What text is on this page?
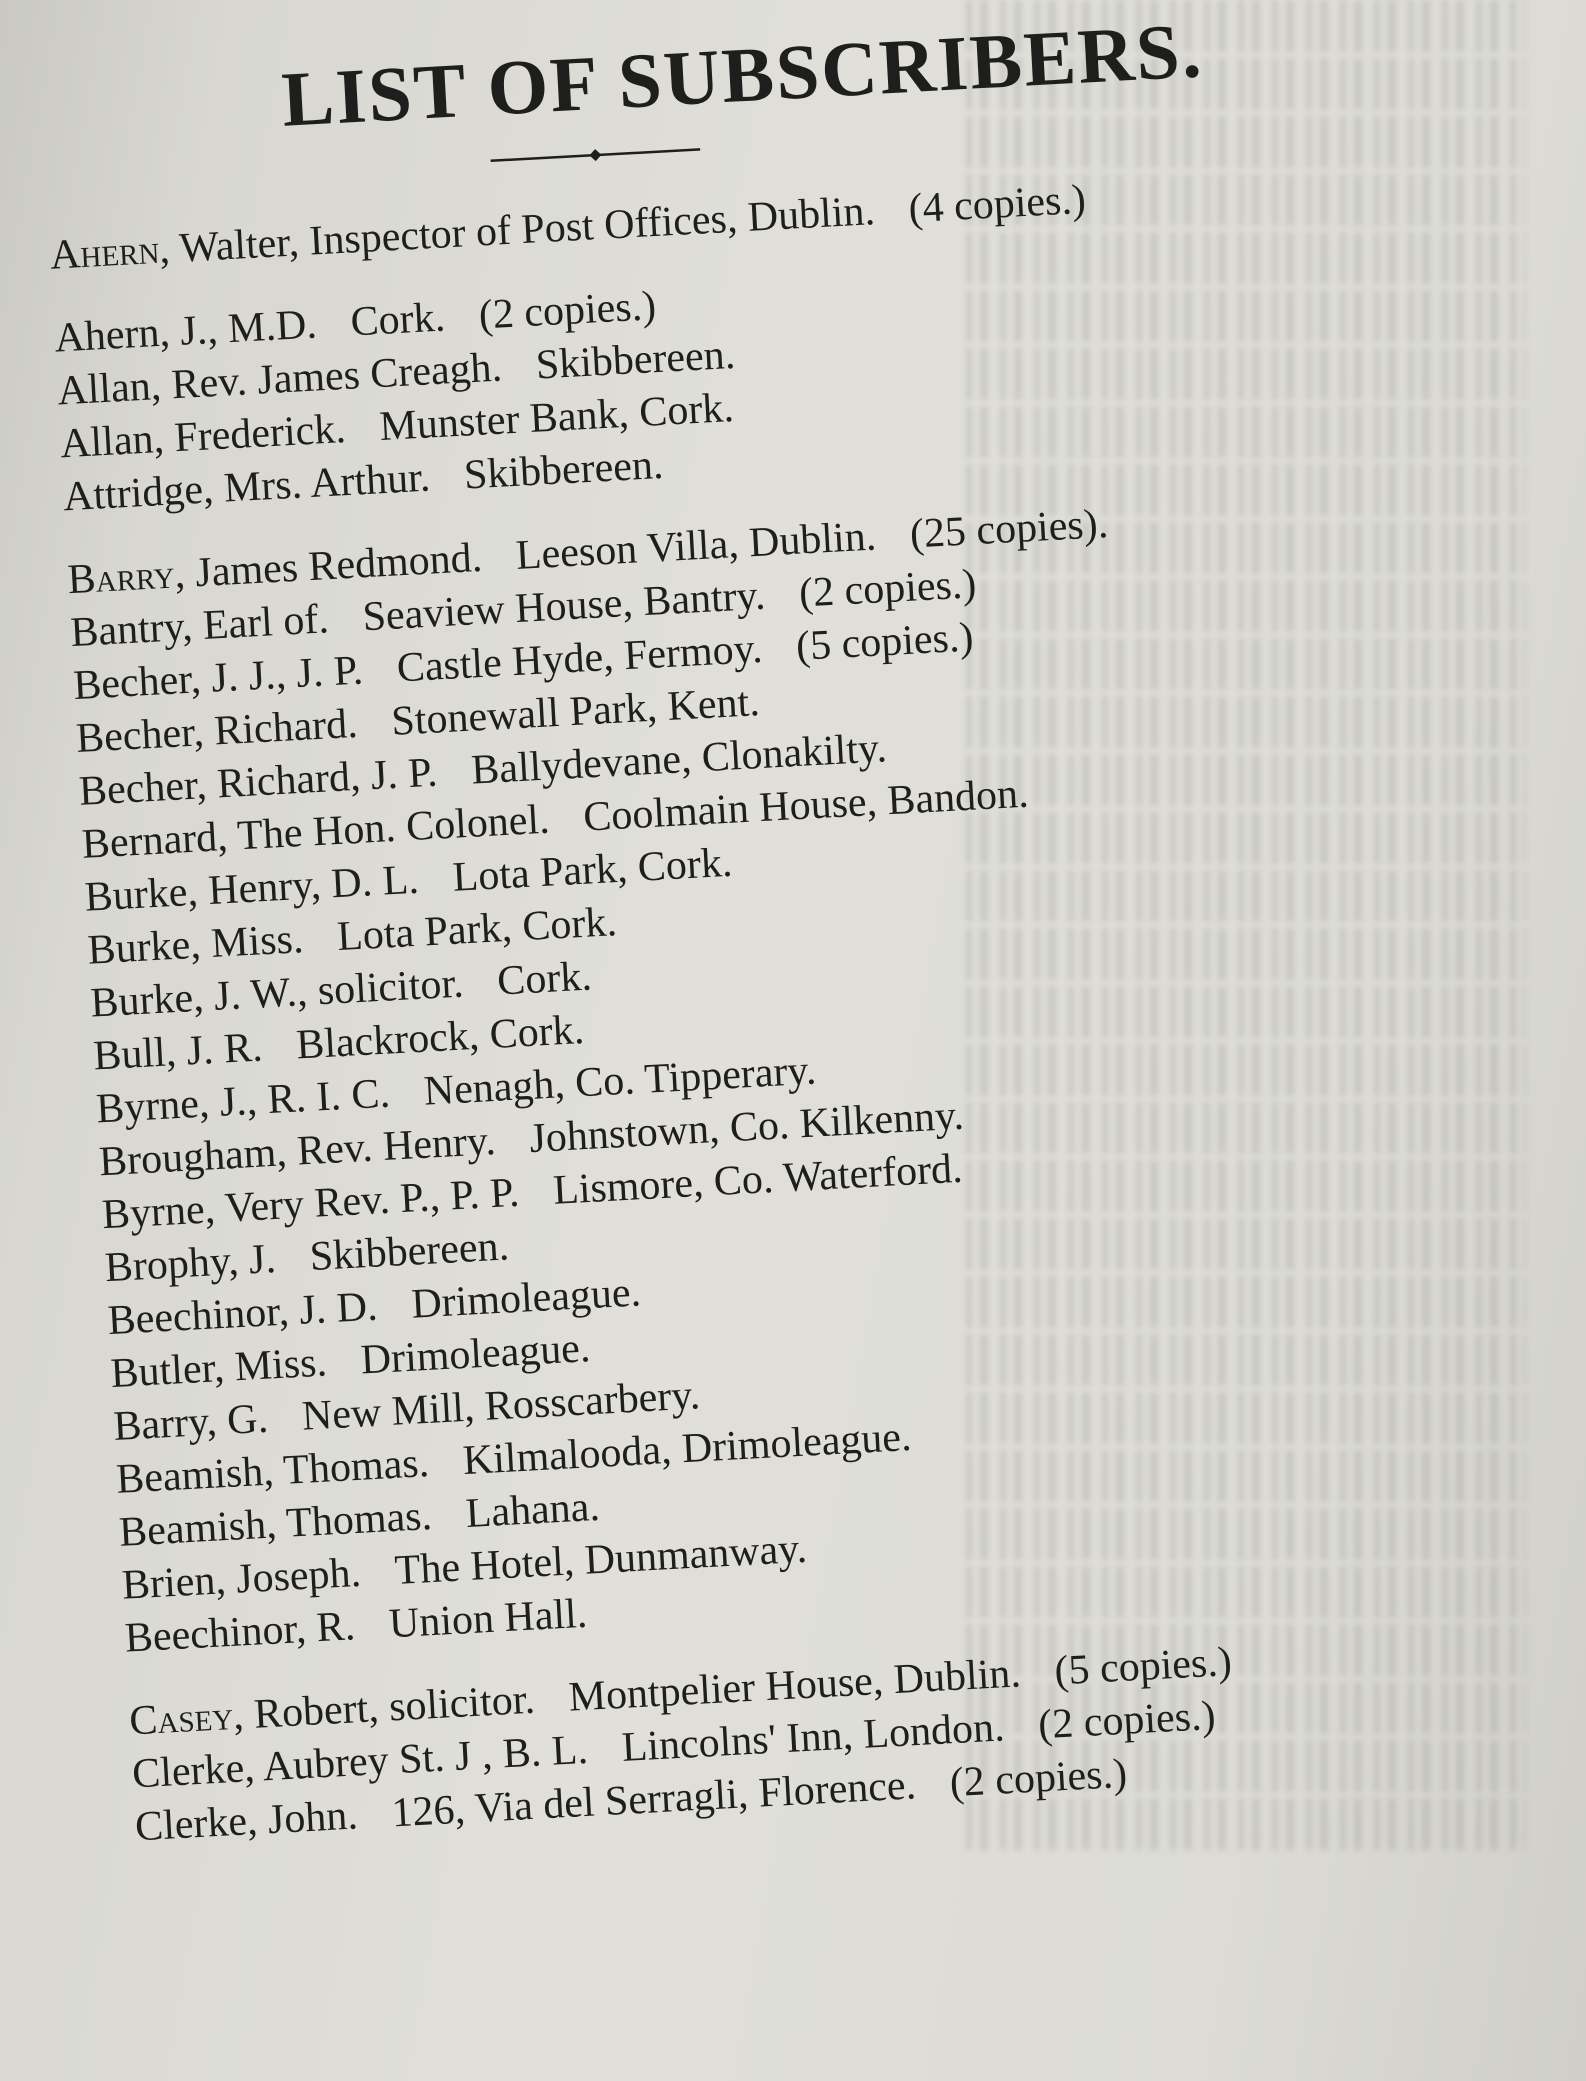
LIST OF SUBSCRIBERS.
Ahern, Walter, Inspector of Post Offices, Dublin. (4 copies.)
Ahern, J., M.D. Cork. (2 copies.)
Allan, Rev. James Creagh. Skibbereen.
Allan, Frederick. Munster Bank, Cork.
Attridge, Mrs. Arthur. Skibbereen.
Barry, James Redmond. Leeson Villa, Dublin. (25 copies).
Bantry, Earl of. Seaview House, Bantry. (2 copies.)
Becher, J. J., J. P. Castle Hyde, Fermoy. (5 copies.)
Becher, Richard. Stonewall Park, Kent.
Becher, Richard, J. P. Ballydevane, Clonakilty.
Bernard, The Hon. Colonel. Coolmain House, Bandon.
Burke, Henry, D. L. Lota Park, Cork.
Burke, Miss. Lota Park, Cork.
Burke, J. W., solicitor. Cork.
Bull, J. R. Blackrock, Cork.
Byrne, J., R. I. C. Nenagh, Co. Tipperary.
Brougham, Rev. Henry. Johnstown, Co. Kilkenny.
Byrne, Very Rev. P., P. P. Lismore, Co. Waterford.
Brophy, J. Skibbereen.
Beechinor, J. D. Drimoleague.
Butler, Miss. Drimoleague.
Barry, G. New Mill, Rosscarbery.
Beamish, Thomas. Kilmalooda, Drimoleague.
Beamish, Thomas. Lahana.
Brien, Joseph. The Hotel, Dunmanway.
Beechinor, R. Union Hall.
Casey, Robert, solicitor. Montpelier House, Dublin. (5 copies.)
Clerke, Aubrey St. J , B. L. Lincolns' Inn, London. (2 copies.)
Clerke, John. 126, Via del Serragli, Florence. (2 copies.)
